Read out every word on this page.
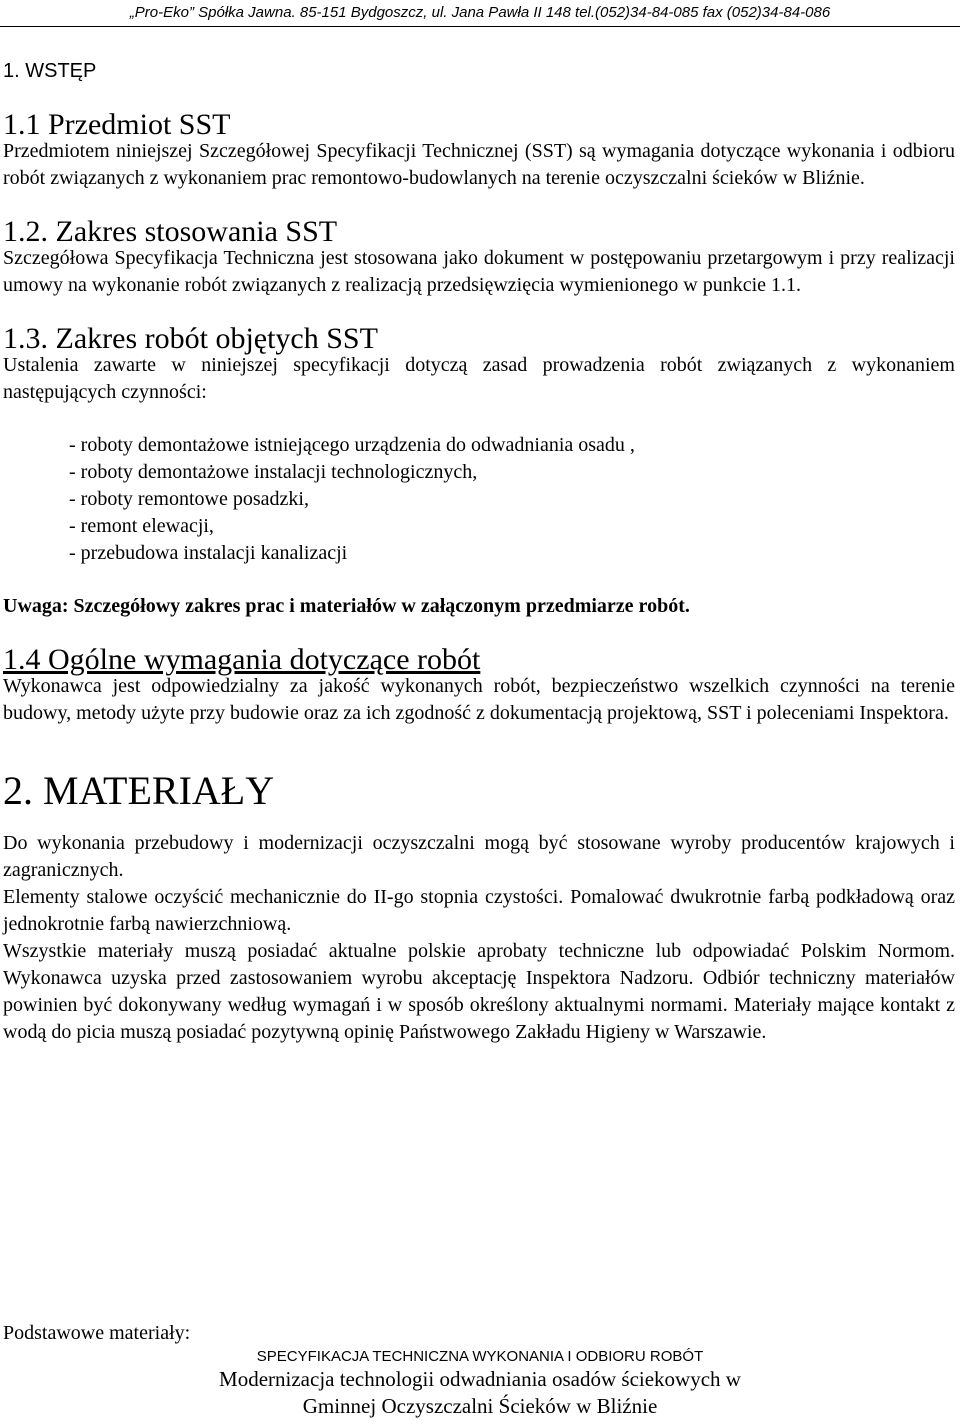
„Pro-Eko” Spółka Jawna. 85-151 Bydgoszcz, ul. Jana Pawła II 148 tel.(052)34-84-085 fax (052)34-84-086
1. WSTĘP
1.1 Przedmiot SST

Przedmiotem niniejszej Szczegółowej Specyfikacji Technicznej (SST) są wymagania dotyczące wykonania i odbioru robót związanych z wykonaniem prac remontowo-budowlanych na terenie oczyszczalni ścieków w Bliźnie.

1.2. Zakres stosowania SST

Szczegółowa Specyfikacja Techniczna jest stosowana jako dokument w postępowaniu przetargowym i przy realizacji umowy na wykonanie robót związanych z realizacją przedsięwzięcia wymienionego w punkcie 1.1.

1.3. Zakres robót objętych SST

Ustalenia zawarte w niniejszej specyfikacji dotyczą zasad prowadzenia robót związanych z wykonaniem następujących czynności:

- roboty demontażowe istniejącego urządzenia do odwadniania osadu ,
- roboty demontażowe instalacji technologicznych,
- roboty remontowe posadzki,
- remont elewacji,
- przebudowa instalacji kanalizacji

Uwaga: Szczegółowy zakres prac i materiałów w załączonym przedmiarze robót.

1.4 Ogólne wymagania dotyczące robót

Wykonawca jest odpowiedzialny za jakość wykonanych robót, bezpieczeństwo wszelkich czynności na terenie budowy, metody użyte przy budowie oraz za ich zgodność z dokumentacją projektową, SST i poleceniami Inspektora.

2. MATERIAŁY

Do wykonania przebudowy i modernizacji oczyszczalni mogą być stosowane wyroby producentów krajowych i zagranicznych.

Elementy stalowe oczyścić mechanicznie do II-go stopnia czystości. Pomalować dwukrotnie farbą podkładową oraz jednokrotnie farbą nawierzchniową.

Wszystkie materiały muszą posiadać aktualne polskie aprobaty techniczne lub odpowiadać Polskim Normom. Wykonawca uzyska przed zastosowaniem wyrobu akceptację Inspektora Nadzoru. Odbiór techniczny materiałów powinien być dokonywany według wymagań i w sposób określony aktualnymi normami. Materiały mające kontakt z wodą do picia muszą posiadać pozytywną opinię Państwowego Zakładu Higieny w Warszawie.

Podstawowe materiały:
SPECYFIKACJA TECHNICZNA WYKONANIA I ODBIORU ROBÓT
Modernizacja technologii odwadniania osadów ściekowych w
Gminnej Oczyszczalni Ścieków w Bliźnie
